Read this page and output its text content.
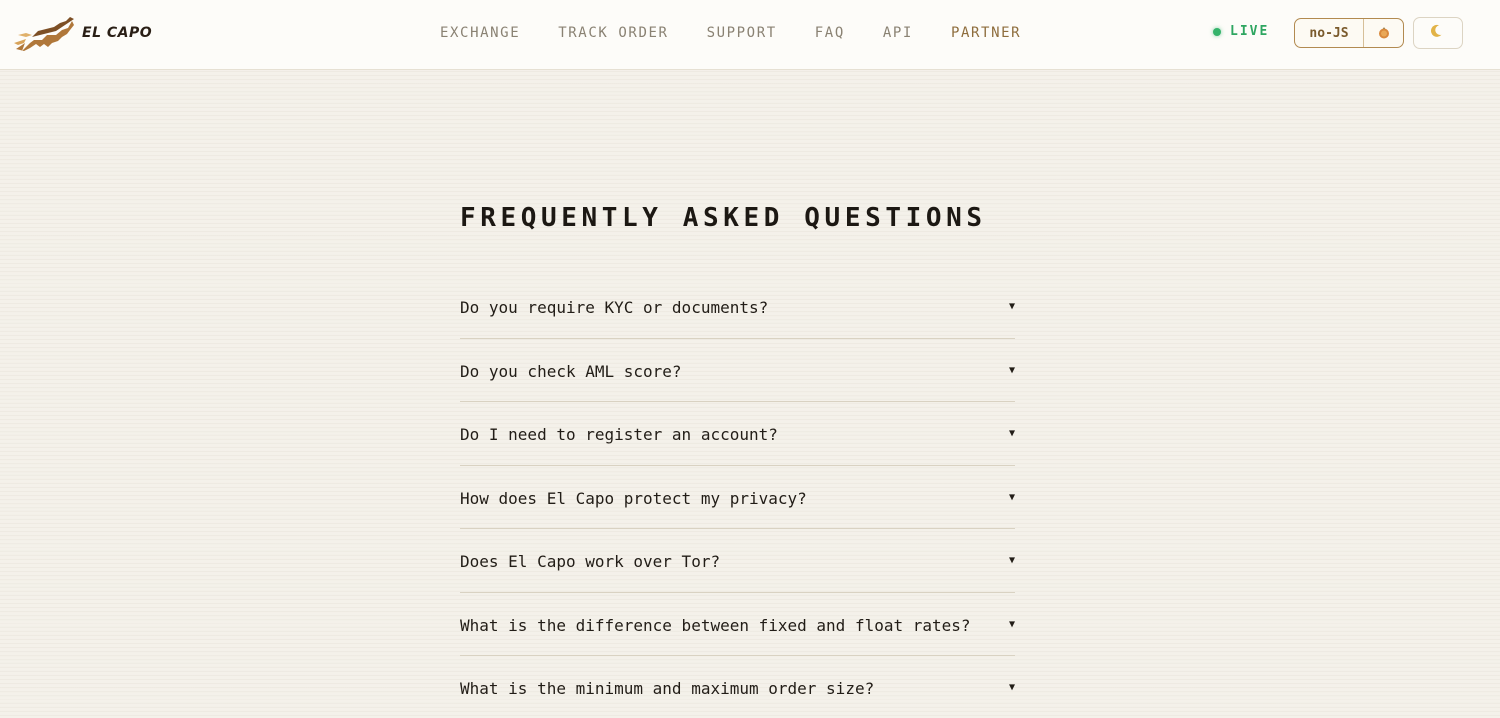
EL CAPO	EXCHANGE	TRACK ORDER	SUPPORT	FAQ	API	PARTNER	LIVE	no-JS
FREQUENTLY ASKED QUESTIONS
Do you require KYC or documents?	▼
Do you check AML score?	▼
Do I need to register an account?	▼
How does El Capo protect my privacy?	▼
Does El Capo work over Tor?	▼
What is the difference between fixed and float rates?	▼
What is the minimum and maximum order size?	▼
